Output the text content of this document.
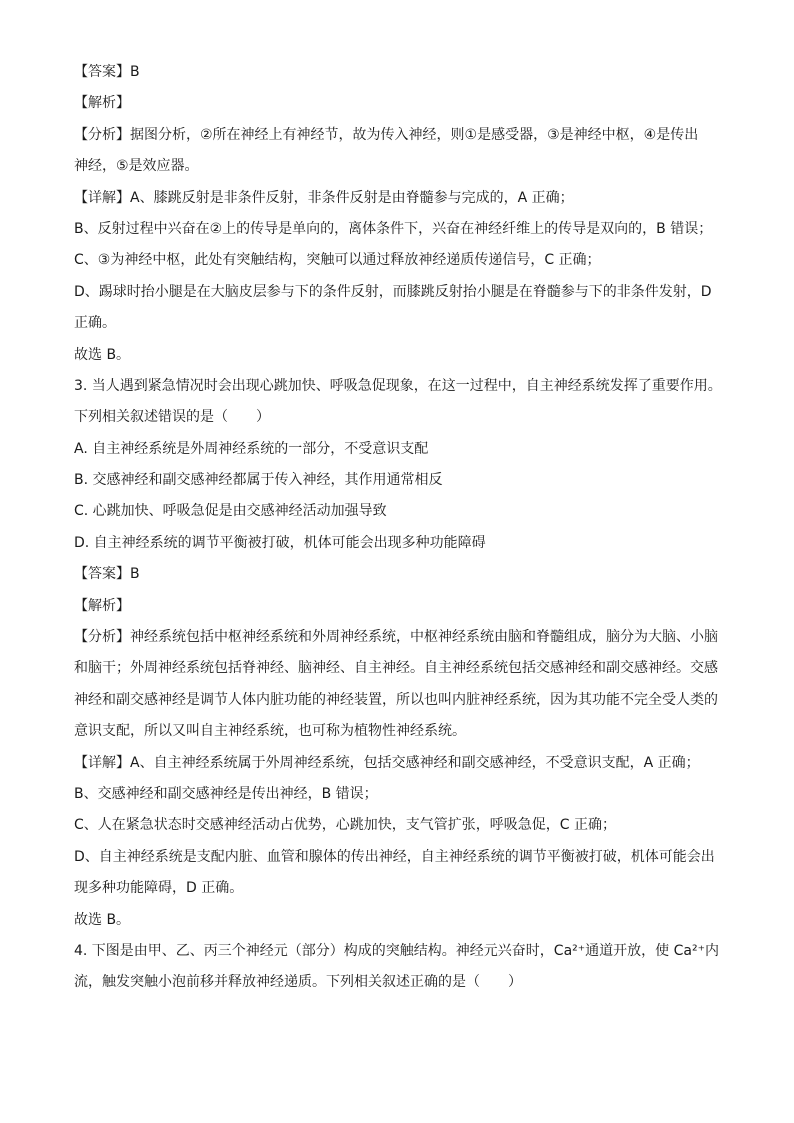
【答案】B
【解析】
【分析】据图分析，②所在神经上有神经节，故为传入神经，则①是感受器，③是神经中枢，④是传出
神经，⑤是效应器。
【详解】A、膝跳反射是非条件反射，非条件反射是由脊髓参与完成的，A 正确；
B、反射过程中兴奋在②上的传导是单向的，离体条件下，兴奋在神经纤维上的传导是双向的，B 错误；
C、③为神经中枢，此处有突触结构，突触可以通过释放神经递质传递信号，C 正确；
D、踢球时抬小腿是在大脑皮层参与下的条件反射，而膝跳反射抬小腿是在脊髓参与下的非条件发射，D
正确。
故选 B。
3. 当人遇到紧急情况时会出现心跳加快、呼吸急促现象，在这一过程中，自主神经系统发挥了重要作用。
下列相关叙述错误的是（　　）
A. 自主神经系统是外周神经系统的一部分，不受意识支配
B. 交感神经和副交感神经都属于传入神经，其作用通常相反
C. 心跳加快、呼吸急促是由交感神经活动加强导致
D. 自主神经系统的调节平衡被打破，机体可能会出现多种功能障碍
【答案】B
【解析】
【分析】神经系统包括中枢神经系统和外周神经系统，中枢神经系统由脑和脊髓组成，脑分为大脑、小脑
和脑干；外周神经系统包括脊神经、脑神经、自主神经。自主神经系统包括交感神经和副交感神经。交感
神经和副交感神经是调节人体内脏功能的神经装置，所以也叫内脏神经系统，因为其功能不完全受人类的
意识支配，所以又叫自主神经系统，也可称为植物性神经系统。
【详解】A、自主神经系统属于外周神经系统，包括交感神经和副交感神经，不受意识支配，A 正确；
B、交感神经和副交感神经是传出神经，B 错误；
C、人在紧急状态时交感神经活动占优势，心跳加快，支气管扩张，呼吸急促，C 正确；
D、自主神经系统是支配内脏、血管和腺体的传出神经，自主神经系统的调节平衡被打破，机体可能会出
现多种功能障碍，D 正确。
故选 B。
4. 下图是由甲、乙、丙三个神经元（部分）构成的突触结构。神经元兴奋时，Ca²⁺通道开放，使 Ca²⁺内
流，触发突触小泡前移并释放神经递质。下列相关叙述正确的是（　　）
